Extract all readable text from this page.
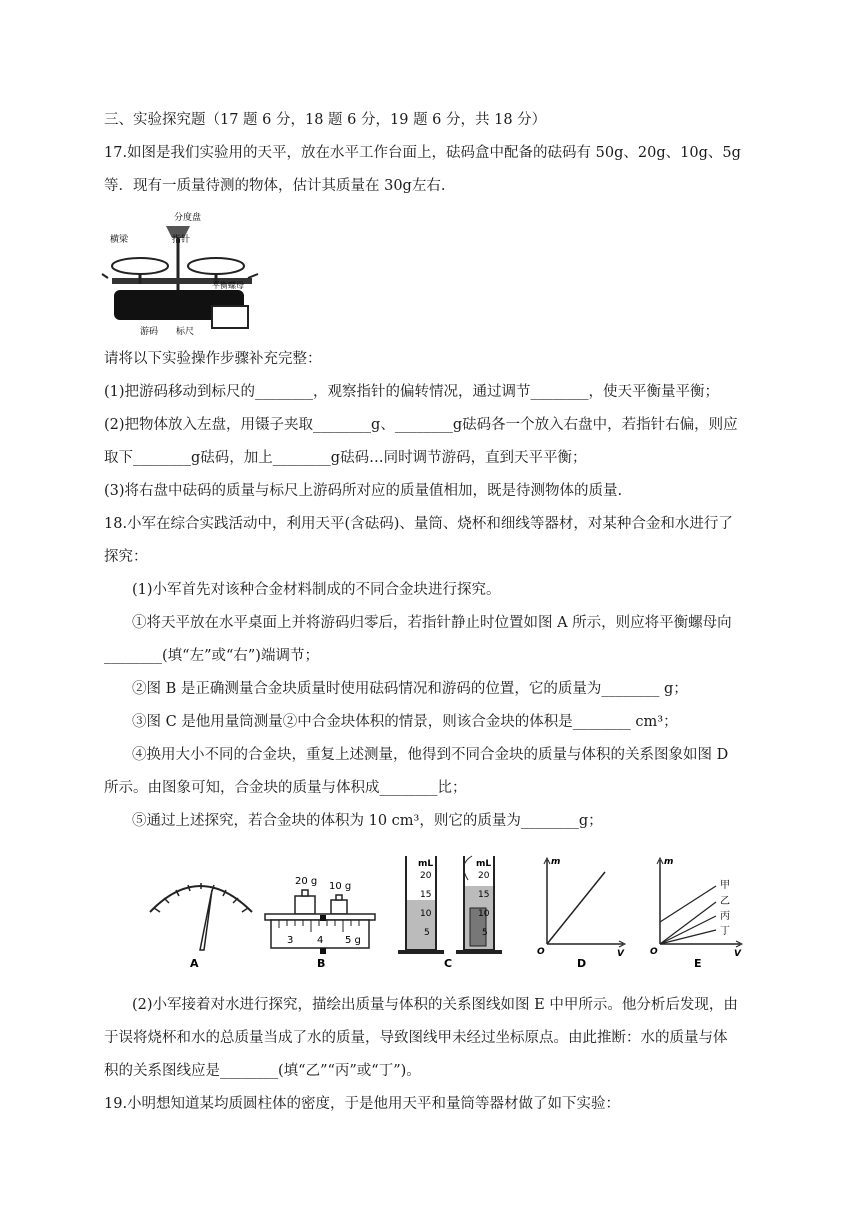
三、实验探究题（17 题 6 分，18 题 6 分，19 题 6 分，共 18 分）
17.如图是我们实验用的天平，放在水平工作台面上，砝码盒中配备的砝码有 50g、20g、10g、5g
等．现有一质量待测的物体，估计其质量在 30g左右.
分度盘
横梁	指针
平衡螺母
游码 标尺
请将以下实验操作步骤补充完整：
(1)把游码移动到标尺的________，观察指针的偏转情况，通过调节________，使天平衡量平衡；
(2)把物体放入左盘，用镊子夹取________g、________g砝码各一个放入右盘中，若指针右偏，则应
取下________g砝码，加上________g砝码…同时调节游码，直到天平平衡；
(3)将右盘中砝码的质量与标尺上游码所对应的质量值相加，既是待测物体的质量.
18.小军在综合实践活动中，利用天平(含砝码)、量筒、烧杯和细线等器材，对某种合金和水进行了
探究：
(1)小军首先对该种合金材料制成的不同合金块进行探究。
①将天平放在水平桌面上并将游码归零后，若指针静止时位置如图 A 所示，则应将平衡螺母向
________(填“左”或“右”)端调节；
②图 B 是正确测量合金块质量时使用砝码情况和游码的位置，它的质量为________ g；
③图 C 是他用量筒测量②中合金块体积的情景，则该合金块的体积是________ cm³；
④换用大小不同的合金块，重复上述测量，他得到不同合金块的质量与体积的关系图象如图 D
所示。由图象可知，合金块的质量与体积成________比；
⑤通过上述探究，若合金块的体积为 10 cm³，则它的质量为________g；
A
20 g 10 g
3 4 5 g
B
mL
20
15
10
5
mL
20
15
10
5
C
m
V
O
D
甲
乙
丙
丁
m
V
O
E
(2)小军接着对水进行探究，描绘出质量与体积的关系图线如图 E 中甲所示。他分析后发现，由
于误将烧杯和水的总质量当成了水的质量，导致图线甲未经过坐标原点。由此推断：水的质量与体
积的关系图线应是________(填“乙”“丙”或“丁”)。
19.小明想知道某均质圆柱体的密度，于是他用天平和量筒等器材做了如下实验：
